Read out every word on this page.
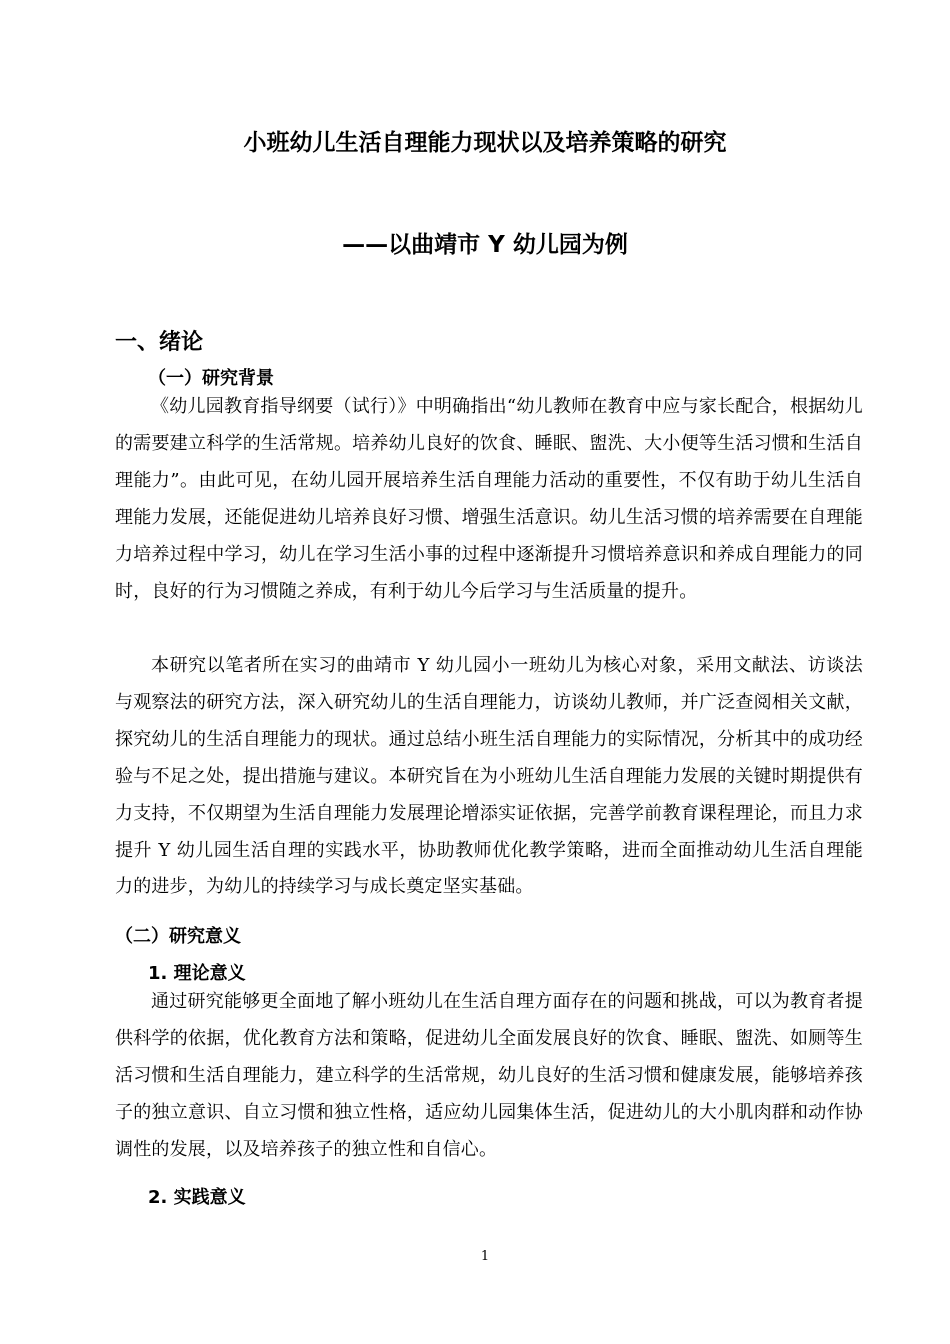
小班幼儿生活自理能力现状以及培养策略的研究
——以曲靖市 Y 幼儿园为例
一、绪论
（一）研究背景
《幼儿园教育指导纲要（试行）》中明确指出“幼儿教师在教育中应与家长配合，根据幼儿的需要建立科学的生活常规。培养幼儿良好的饮食、睡眠、盥洗、大小便等生活习惯和生活自理能力”。由此可见，在幼儿园开展培养生活自理能力活动的重要性，不仅有助于幼儿生活自理能力发展，还能促进幼儿培养良好习惯、增强生活意识。幼儿生活习惯的培养需要在自理能力培养过程中学习，幼儿在学习生活小事的过程中逐渐提升习惯培养意识和养成自理能力的同时，良好的行为习惯随之养成，有利于幼儿今后学习与生活质量的提升。
本研究以笔者所在实习的曲靖市 Y 幼儿园小一班幼儿为核心对象，采用文献法、访谈法与观察法的研究方法，深入研究幼儿的生活自理能力，访谈幼儿教师，并广泛查阅相关文献，探究幼儿的生活自理能力的现状。通过总结小班生活自理能力的实际情况，分析其中的成功经验与不足之处，提出措施与建议。本研究旨在为小班幼儿生活自理能力发展的关键时期提供有力支持，不仅期望为生活自理能力发展理论增添实证依据，完善学前教育课程理论，而且力求提升 Y 幼儿园生活自理的实践水平，协助教师优化教学策略，进而全面推动幼儿生活自理能力的进步，为幼儿的持续学习与成长奠定坚实基础。
（二）研究意义
1. 理论意义
通过研究能够更全面地了解小班幼儿在生活自理方面存在的问题和挑战，可以为教育者提供科学的依据，优化教育方法和策略，促进幼儿全面发展良好的饮食、睡眠、盥洗、如厕等生活习惯和生活自理能力，建立科学的生活常规，幼儿良好的生活习惯和健康发展，能够培养孩子的独立意识、自立习惯和独立性格，适应幼儿园集体生活，促进幼儿的大小肌肉群和动作协调性的发展，以及培养孩子的独立性和自信心。
2. 实践意义
1
